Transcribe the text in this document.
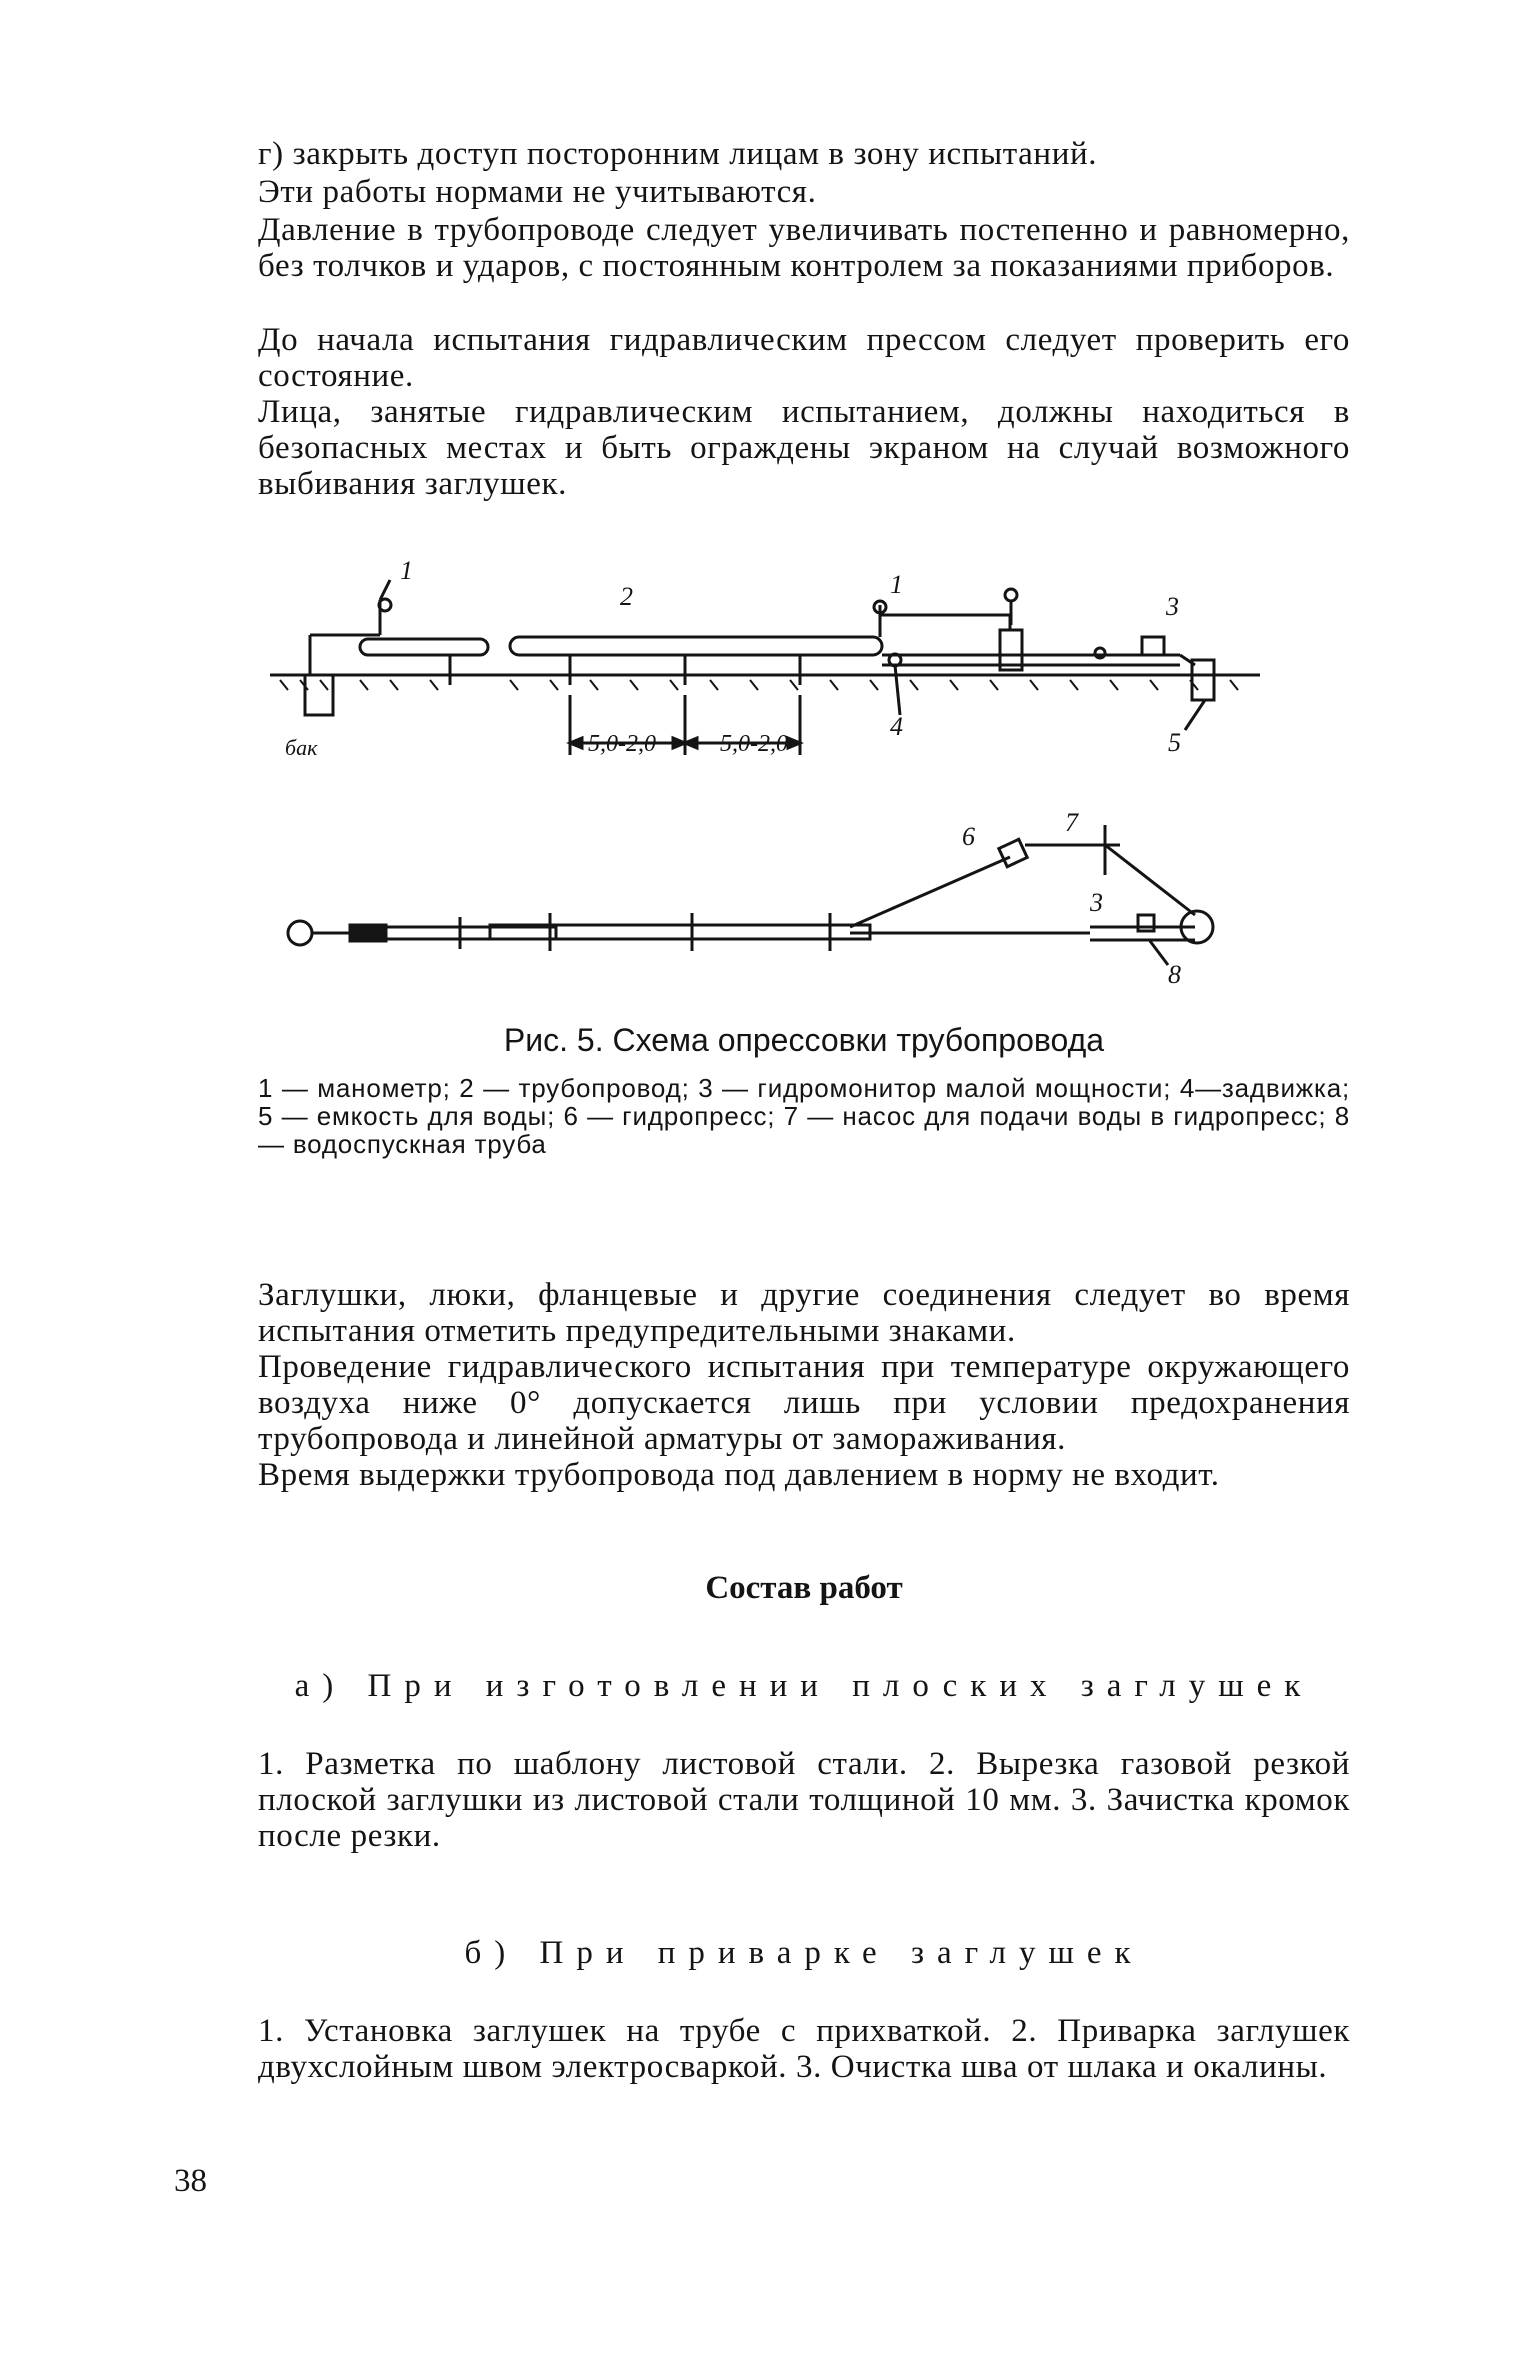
г) закрыть доступ посторонним лицам в зону испытаний.

Эти работы нормами не учитываются.

Давление в трубопроводе следует увеличивать постепенно и равномерно, без толчков и ударов, с постоянным контролем за показаниями приборов.

До начала испытания гидравлическим прессом следует проверить его состояние.

Лица, занятые гидравлическим испытанием, должны находиться в безопасных местах и быть ограждены экраном на случай возможного выбивания заглушек.

1
2	1
3
4
5
бак	5,0-2,0	5,0-2,0
6	7
3
8

Рис. 5. Схема опрессовки трубопровода

1 — манометр; 2 — трубопровод; 3 — гидромонитор малой мощности; 4—задвижка; 5 — емкость для воды; 6 — гидропресс; 7 — насос для подачи воды в гидропресс; 8 — водоспускная труба

Заглушки, люки, фланцевые и другие соединения следует во время испытания отметить предупредительными знаками.

Проведение гидравлического испытания при температуре окружающего воздуха ниже 0° допускается лишь при условии предохранения трубопровода и линейной арматуры от замораживания.

Время выдержки трубопровода под давлением в норму не входит.

Состав работ

а) При изготовлении плоских заглушек

1. Разметка по шаблону листовой стали. 2. Вырезка газовой резкой плоской заглушки из листовой стали толщиной 10 мм. 3. Зачистка кромок после резки.

б) При приварке заглушек

1. Установка заглушек на трубе с прихваткой. 2. Приварка заглушек двухслойным швом электросваркой. 3. Очистка шва от шлака и окалины.

38
